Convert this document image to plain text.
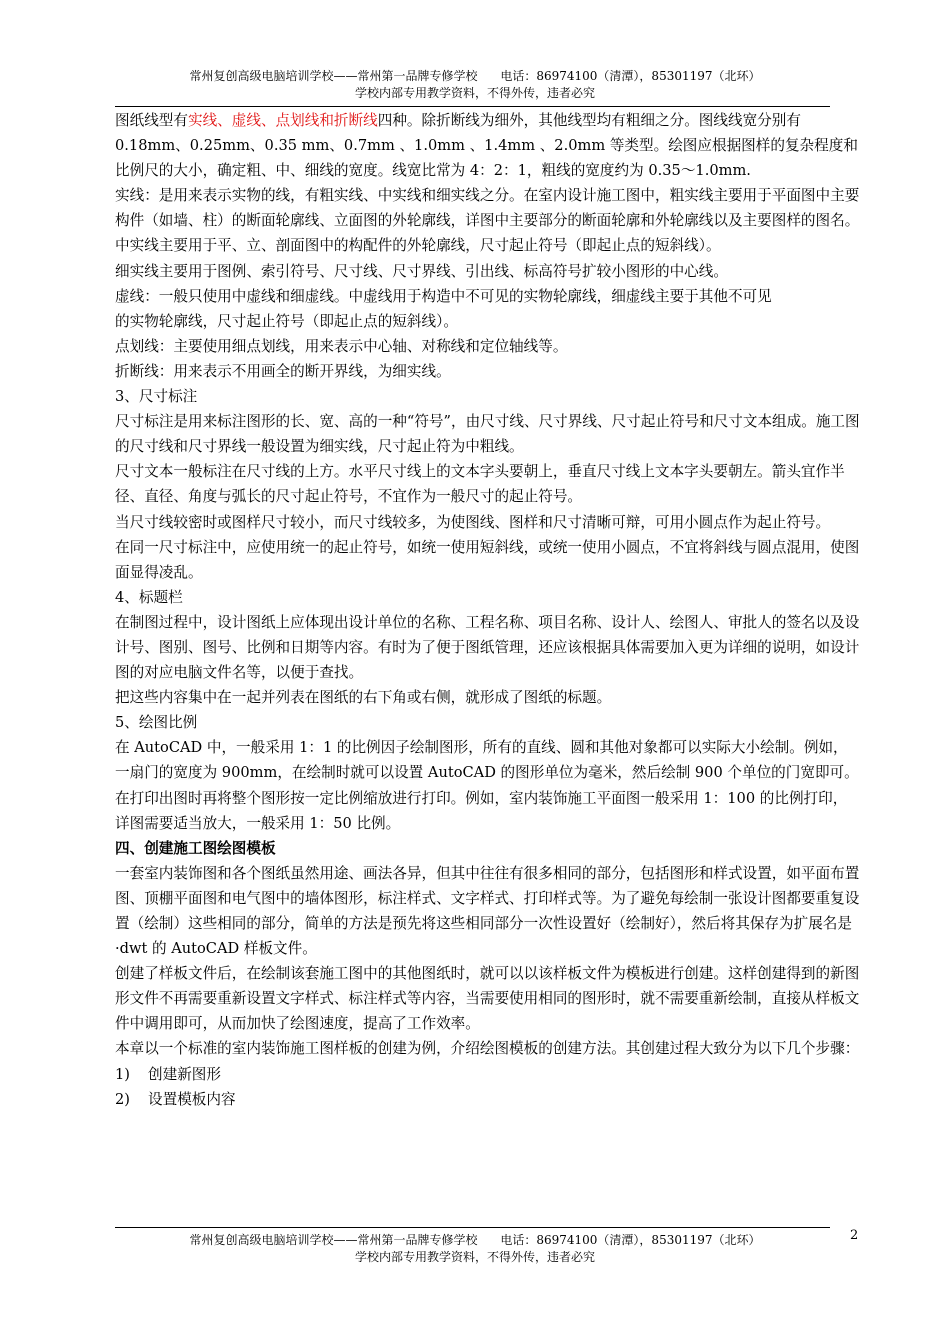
常州复创高级电脑培训学校——常州第一品牌专修学校      电话：86974100（清潭），85301197（北环）
学校内部专用教学资料，不得外传，违者必究

图纸线型有实线、虚线、点划线和折断线四种。除折断线为细外，其他线型均有粗细之分。图线线宽分别有 0.18mm、0.25mm、0.35 mm、0.7mm 、1.0mm 、1.4mm 、2.0mm 等类型。绘图应根据图样的复杂程度和比例尺的大小，确定粗、中、细线的宽度。线宽比常为 4：2：1，粗线的宽度约为 0.35～1.0mm.

实线：是用来表示实物的线，有粗实线、中实线和细实线之分。在室内设计施工图中，粗实线主要用于平面图中主要构件（如墙、柱）的断面轮廓线、立面图的外轮廓线，详图中主要部分的断面轮廓和外轮廓线以及主要图样的图名。

中实线主要用于平、立、剖面图中的构配件的外轮廓线，尺寸起止符号（即起止点的短斜线）。

细实线主要用于图例、索引符号、尺寸线、尺寸界线、引出线、标高符号扩较小图形的中心线。

虚线：一般只使用中虚线和细虚线。中虚线用于构造中不可见的实物轮廓线，细虚线主要于其他不可见

的实物轮廓线，尺寸起止符号（即起止点的短斜线）。

点划线：主要使用细点划线，用来表示中心轴、对称线和定位轴线等。

折断线：用来表示不用画全的断开界线，为细实线。

3、尺寸标注

尺寸标注是用来标注图形的长、宽、高的一种“符号”，由尺寸线、尺寸界线、尺寸起止符号和尺寸文本组成。施工图的尺寸线和尺寸界线一般设置为细实线，尺寸起止符为中粗线。

尺寸文本一般标注在尺寸线的上方。水平尺寸线上的文本字头要朝上，垂直尺寸线上文本字头要朝左。箭头宜作半径、直径、角度与弧长的尺寸起止符号，不宜作为一般尺寸的起止符号。

当尺寸线较密时或图样尺寸较小，而尺寸线较多，为使图线、图样和尺寸清晰可辩，可用小圆点作为起止符号。

在同一尺寸标注中，应使用统一的起止符号，如统一使用短斜线，或统一使用小圆点，不宜将斜线与圆点混用，使图面显得凌乱。

4、标题栏

在制图过程中，设计图纸上应体现出设计单位的名称、工程名称、项目名称、设计人、绘图人、审批人的签名以及设计号、图别、图号、比例和日期等内容。有时为了便于图纸管理，还应该根据具体需要加入更为详细的说明，如设计图的对应电脑文件名等，以便于查找。

把这些内容集中在一起并列表在图纸的右下角或右侧，就形成了图纸的标题。

5、绘图比例

在 AutoCAD 中，一般采用 1：1 的比例因子绘制图形，所有的直线、圆和其他对象都可以实际大小绘制。例如，一扇门的宽度为 900mm，在绘制时就可以设置 AutoCAD 的图形单位为毫米，然后绘制 900 个单位的门宽即可。在打印出图时再将整个图形按一定比例缩放进行打印。例如，室内装饰施工平面图一般采用 1：100 的比例打印，详图需要适当放大，一般采用 1：50 比例。

四、创建施工图绘图模板

一套室内装饰图和各个图纸虽然用途、画法各异，但其中往往有很多相同的部分，包括图形和样式设置，如平面布置图、顶棚平面图和电气图中的墙体图形，标注样式、文字样式、打印样式等。为了避免每绘制一张设计图都要重复设置（绘制）这些相同的部分，简单的方法是预先将这些相同部分一次性设置好（绘制好），然后将其保存为扩展名是·dwt 的 AutoCAD 样板文件。

创建了样板文件后，在绘制该套施工图中的其他图纸时，就可以以该样板文件为模板进行创建。这样创建得到的新图形文件不再需要重新设置文字样式、标注样式等内容，当需要使用相同的图形时，就不需要重新绘制，直接从样板文件中调用即可，从而加快了绘图速度，提高了工作效率。

本章以一个标准的室内装饰施工图样板的创建为例，介绍绘图模板的创建方法。其创建过程大致分为以下几个步骤：

1)	创建新图形
2)	设置模板内容
常州复创高级电脑培训学校——常州第一品牌专修学校      电话：86974100（清潭），85301197（北环）
学校内部专用教学资料，不得外传，违者必究
2
